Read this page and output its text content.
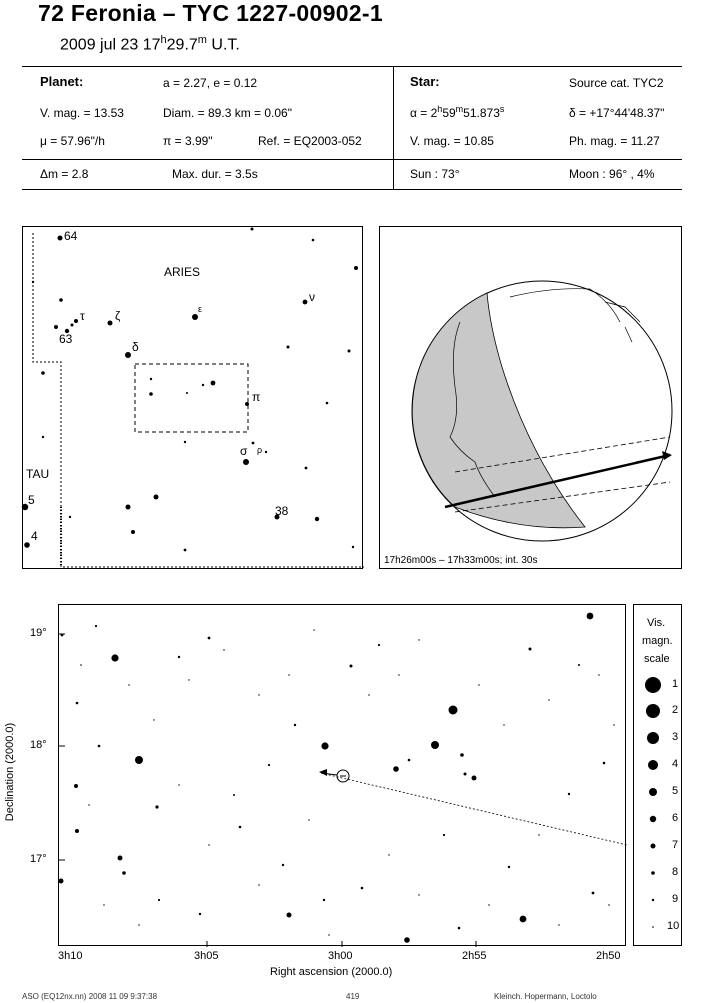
72 Feronia – TYC 1227-00902-1
2009 jul 23 17$^h$29.7$^m$ U.T.
Planet:	a = 2.27, e = 0.12
V. mag. = 13.53	Diam. = 89.3 km = 0.06"
μ = 57.96"/h	π = 3.99"	Ref. = EQ2003-052
Δm = 2.8	Max. dur. = 3.5s
Star:	Source cat. TYC2
$\alpha = 2^h59^m51.873^s$	δ = +17°44'48.37"
V. mag. = 10.85	Ph. mag. = 11.27
Sun : 73°	Moon : 96° , 4%
64
63
τ	ζ
δ
ε
ν
π
σ ρ
5
4
38
ARIES
TAU
17h26m00s – 17h33m00s; int. 30s
19°
18°
17°
Declination (2000.0)
3h10	3h05	3h00	2h55	2h50
Right ascension (2000.0)
Vis.
magn.
scale
1
2
3
4
5
6
7
8
9
10
ASO (EQ12nx.nn) 2008 11 09 9:37:38	419	Kleinch. Hopermann, Loctolo
